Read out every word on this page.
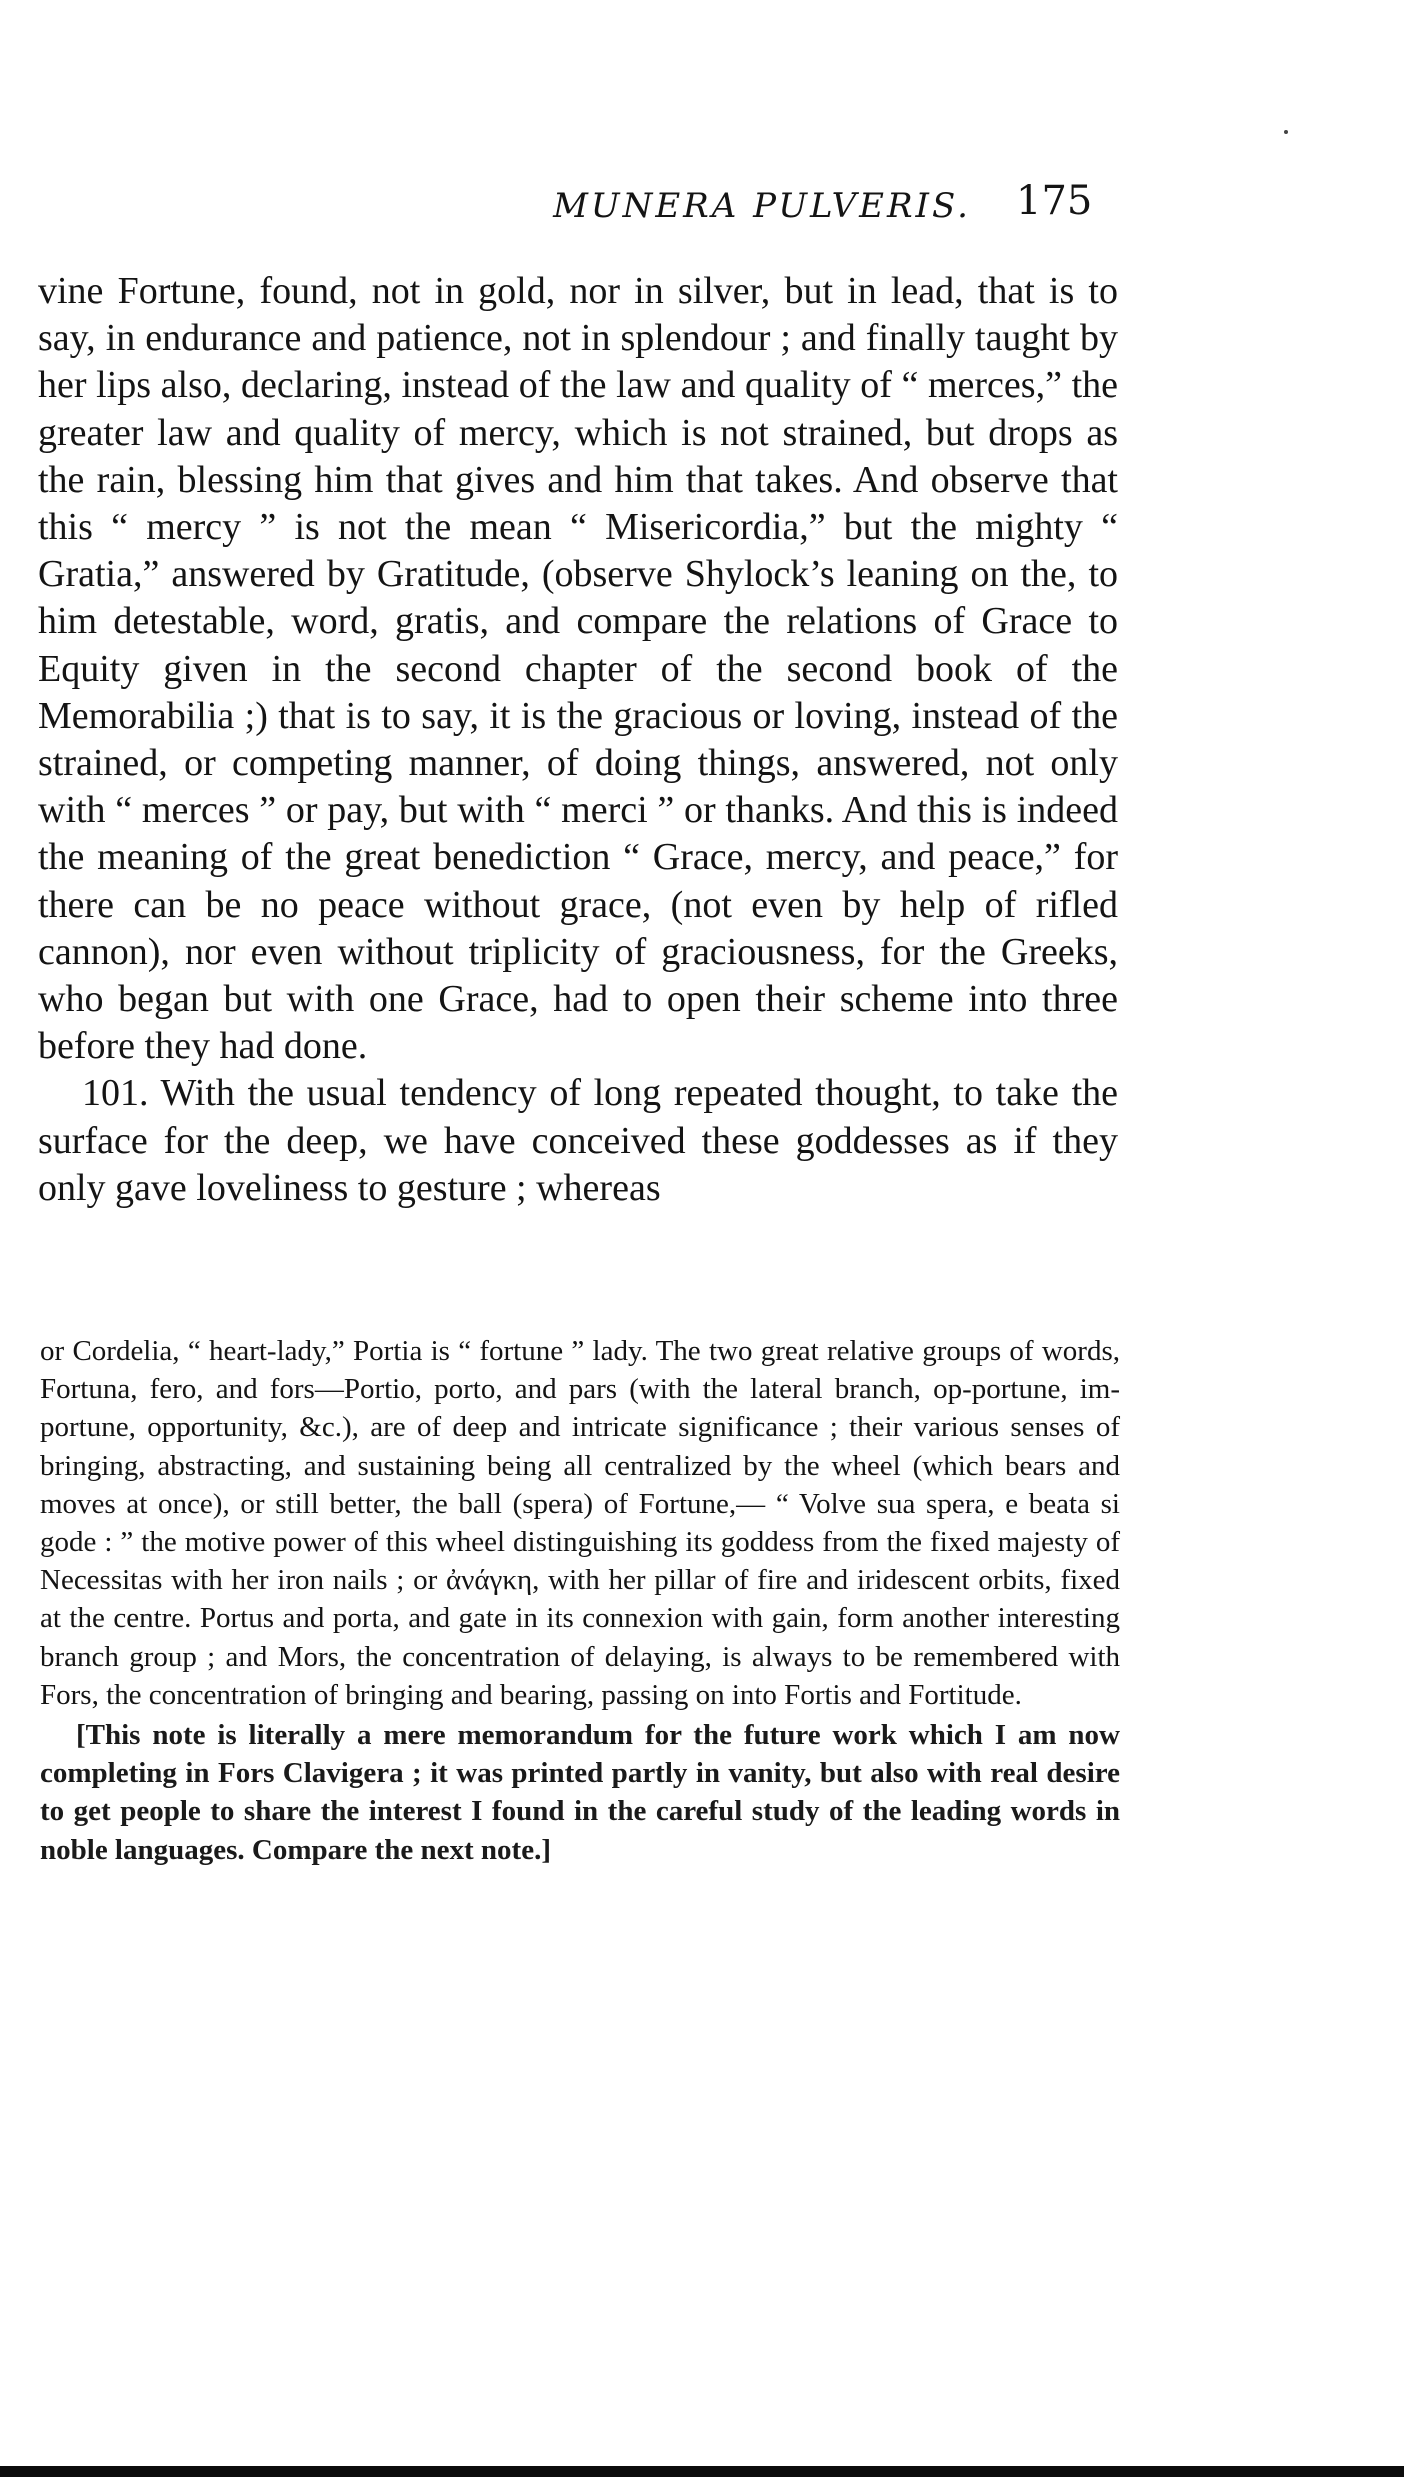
MUNERA PULVERIS.	175

vine Fortune, found, not in gold, nor in silver, but in lead, that is to say, in endurance and patience, not in splendour ; and finally taught by her lips also, declaring, instead of the law and quality of “ merces,” the greater law and quality of mercy, which is not strained, but drops as the rain, blessing him that gives and him that takes. And observe that this “ mercy ” is not the mean “ Misericordia,” but the mighty “ Gratia,” answered by Gratitude, (observe Shylock’s leaning on the, to him detestable, word, gratis, and compare the relations of Grace to Equity given in the second chapter of the second book of the Memorabilia ;) that is to say, it is the gracious or loving, instead of the strained, or competing manner, of doing things, answered, not only with “ merces ” or pay, but with “ merci ” or thanks. And this is indeed the meaning of the great benediction “ Grace, mercy, and peace,” for there can be no peace without grace, (not even by help of rifled cannon), nor even without triplicity of graciousness, for the Greeks, who began but with one Grace, had to open their scheme into three before they had done.

101. With the usual tendency of long repeated thought, to take the surface for the deep, we have conceived these goddesses as if they only gave loveliness to gesture ; whereas

or Cordelia, “ heart-lady,” Portia is “ fortune ” lady. The two great relative groups of words, Fortuna, fero, and fors—Portio, porto, and pars (with the lateral branch, op-portune, im-portune, opportunity, &c.), are of deep and intricate significance ; their various senses of bringing, abstracting, and sustaining being all centralized by the wheel (which bears and moves at once), or still better, the ball (spera) of Fortune,— “ Volve sua spera, e beata si gode : ” the motive power of this wheel distinguishing its goddess from the fixed majesty of Necessitas with her iron nails ; or ἀνάγκη, with her pillar of fire and iridescent orbits, fixed at the centre. Portus and porta, and gate in its connexion with gain, form another interesting branch group ; and Mors, the concentration of delaying, is always to be remembered with Fors, the concentration of bringing and bearing, passing on into Fortis and Fortitude.

[This note is literally a mere memorandum for the future work which I am now completing in Fors Clavigera ; it was printed partly in vanity, but also with real desire to get people to share the interest I found in the careful study of the leading words in noble languages. Compare the next note.]
